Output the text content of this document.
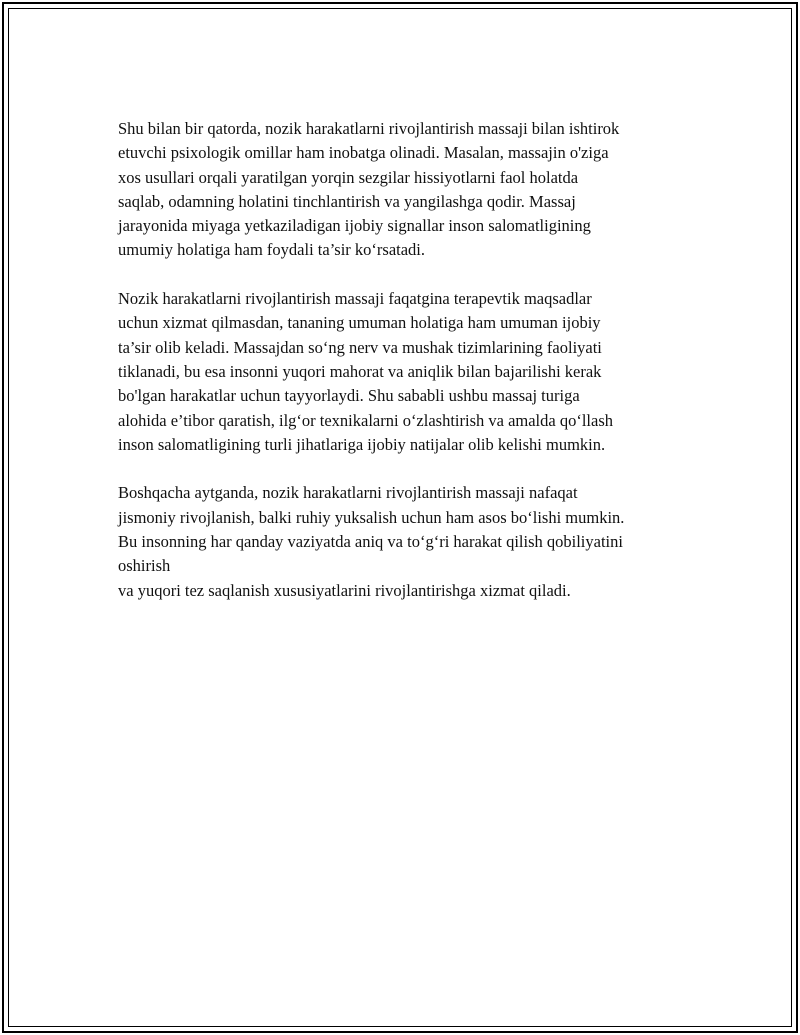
Shu bilan bir qatorda, nozik harakatlarni rivojlantirish massaji bilan ishtirok
etuvchi psixologik omillar ham inobatga olinadi. Masalan, massajin o'ziga
xos usullari orqali yaratilgan yorqin sezgilar hissiyotlarni faol holatda
saqlab, odamning holatini tinchlantirish va yangilashga qodir. Massaj
jarayonida miyaga yetkaziladigan ijobiy signallar inson salomatligining
umumiy holatiga ham foydali ta’sir ko‘rsatadi.

Nozik harakatlarni rivojlantirish massaji faqatgina terapevtik maqsadlar
uchun xizmat qilmasdan, tananing umuman holatiga ham umuman ijobiy
ta’sir olib keladi. Massajdan so‘ng nerv va mushak tizimlarining faoliyati
tiklanadi, bu esa insonni yuqori mahorat va aniqlik bilan bajarilishi kerak
bo'lgan harakatlar uchun tayyorlaydi. Shu sababli ushbu massaj turiga
alohida e’tibor qaratish, ilg‘or texnikalarni o‘zlashtirish va amalda qo‘llash
inson salomatligining turli jihatlariga ijobiy natijalar olib kelishi mumkin.

Boshqacha aytganda, nozik harakatlarni rivojlantirish massaji nafaqat
jismoniy rivojlanish, balki ruhiy yuksalish uchun ham asos bo‘lishi mumkin.
Bu insonning har qanday vaziyatda aniq va to‘g‘ri harakat qilish qobiliyatini
oshirish
va yuqori tez saqlanish xususiyatlarini rivojlantirishga xizmat qiladi.
